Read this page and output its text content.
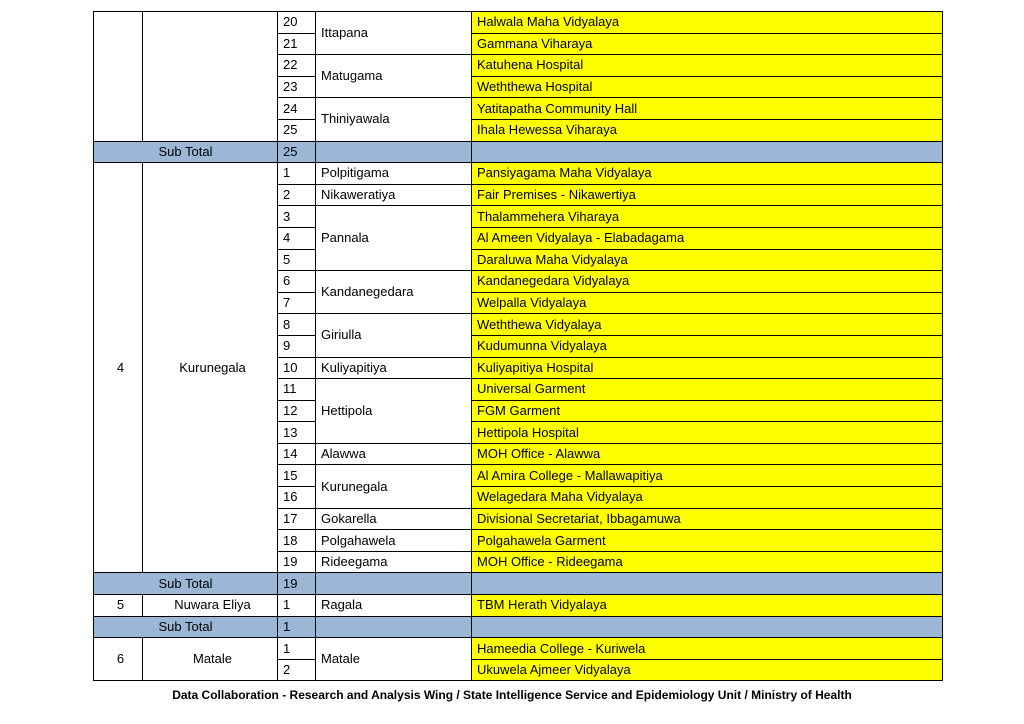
		20	Ittapana	Halwala Maha Vidyalaya
		21		Gammana Viharaya
		22	Matugama	Katuhena Hospital
		23		Weththewa Hospital
		24	Thiniyawala	Yatitapatha Community Hall
		25		Ihala Hewessa Viharaya
Sub Total		25		
4	Kurunegala	1	Polpitigama	Pansiyagama Maha Vidyalaya
		2	Nikaweratiya	Fair Premises - Nikawertiya
		3	Pannala	Thalammehera Viharaya
		4		Al Ameen Vidyalaya - Elabadagama
		5		Daraluwa Maha Vidyalaya
		6	Kandanegedara	Kandanegedara Vidyalaya
		7		Welpalla Vidyalaya
		8	Giriulla	Weththewa Vidyalaya
		9		Kudumunna Vidyalaya
		10	Kuliyapitiya	Kuliyapitiya Hospital
		11	Hettipola	Universal Garment
		12		FGM Garment
		13		Hettipola Hospital
		14	Alawwa	MOH Office - Alawwa
		15	Kurunegala	Al Amira College - Mallawapitiya
		16		Welagedara Maha Vidyalaya
		17	Gokarella	Divisional Secretariat, Ibbagamuwa
		18	Polgahawela	Polgahawela Garment
		19	Rideegama	MOH Office - Rideegama
Sub Total		19		
5	Nuwara Eliya	1	Ragala	TBM Herath Vidyalaya
Sub Total		1		
6	Matale	1	Matale	Hameedia College - Kuriwela
		2		Ukuwela Ajmeer Vidyalaya
Data Collaboration - Research and Analysis Wing / State Intelligence Service and Epidemiology Unit / Ministry of Health
